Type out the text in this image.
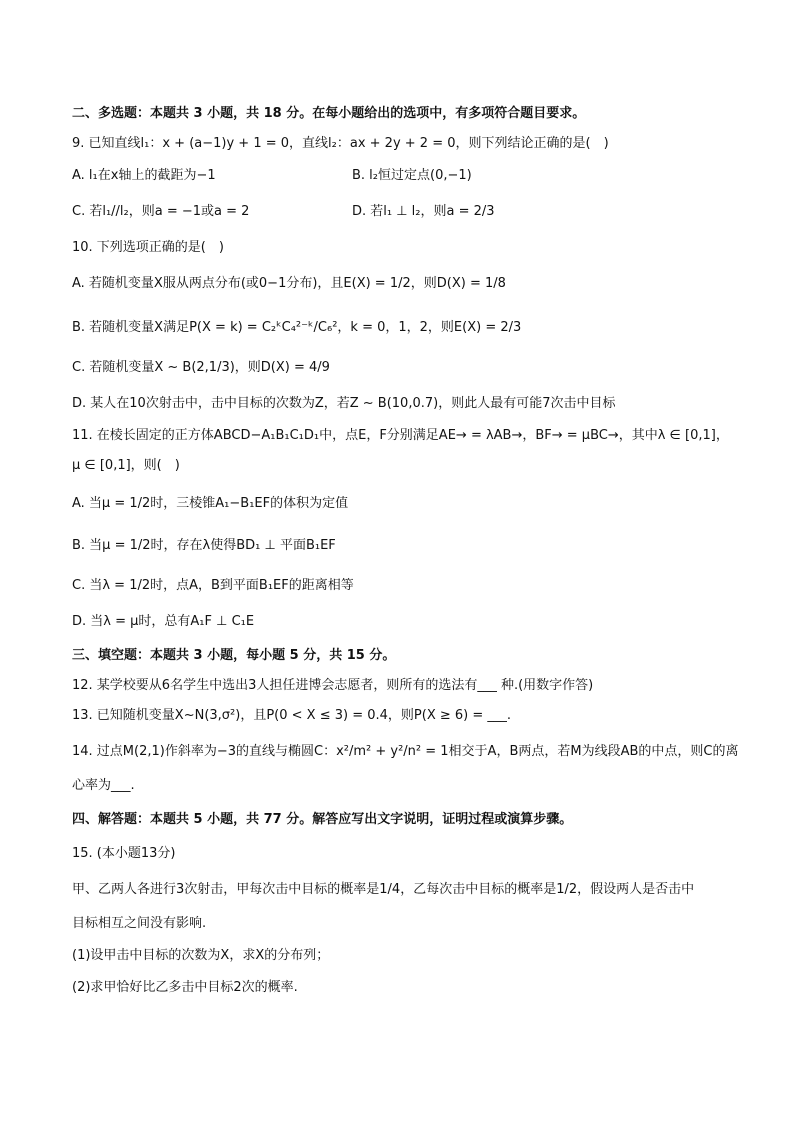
二、多选题：本题共 3 小题，共 18 分。在每小题给出的选项中，有多项符合题目要求。
9. 已知直线l₁：x + (a−1)y + 1 = 0，直线l₂：ax + 2y + 2 = 0，则下列结论正确的是(　)
A. l₁在x轴上的截距为−1	B. l₂恒过定点(0,−1)
C. 若l₁//l₂，则a = −1或a = 2	D. 若l₁ ⊥ l₂，则a = 2/3
10. 下列选项正确的是(　)
A. 若随机变量X服从两点分布(或0−1分布)，且E(X) = 1/2，则D(X) = 1/8
B. 若随机变量X满足P(X = k) = C₂ᵏC₄²⁻ᵏ/C₆²，k = 0，1，2，则E(X) = 2/3
C. 若随机变量X ~ B(2,1/3)，则D(X) = 4/9
D. 某人在10次射击中，击中目标的次数为Z，若Z ~ B(10,0.7)，则此人最有可能7次击中目标
11. 在棱长固定的正方体ABCD−A₁B₁C₁D₁中，点E，F分别满足AE→ = λAB→，BF→ = μBC→，其中λ ∈ [0,1]，
μ ∈ [0,1]，则(　)
A. 当μ = 1/2时，三棱锥A₁−B₁EF的体积为定值
B. 当μ = 1/2时，存在λ使得BD₁ ⊥ 平面B₁EF
C. 当λ = 1/2时，点A，B到平面B₁EF的距离相等
D. 当λ = μ时，总有A₁F ⊥ C₁E
三、填空题：本题共 3 小题，每小题 5 分，共 15 分。
12. 某学校要从6名学生中选出3人担任进博会志愿者，则所有的选法有___ 种.(用数字作答)
13. 已知随机变量X~N(3,σ²)，且P(0 < X ≤ 3) = 0.4，则P(X ≥ 6) = ___.
14. 过点M(2,1)作斜率为−3的直线与椭圆C：x²/m² + y²/n² = 1相交于A，B两点，若M为线段AB的中点，则C的离
心率为___.
四、解答题：本题共 5 小题，共 77 分。解答应写出文字说明，证明过程或演算步骤。
15. (本小题13分)
甲、乙两人各进行3次射击，甲每次击中目标的概率是1/4，乙每次击中目标的概率是1/2，假设两人是否击中
目标相互之间没有影响.
(1)设甲击中目标的次数为X，求X的分布列；
(2)求甲恰好比乙多击中目标2次的概率.
